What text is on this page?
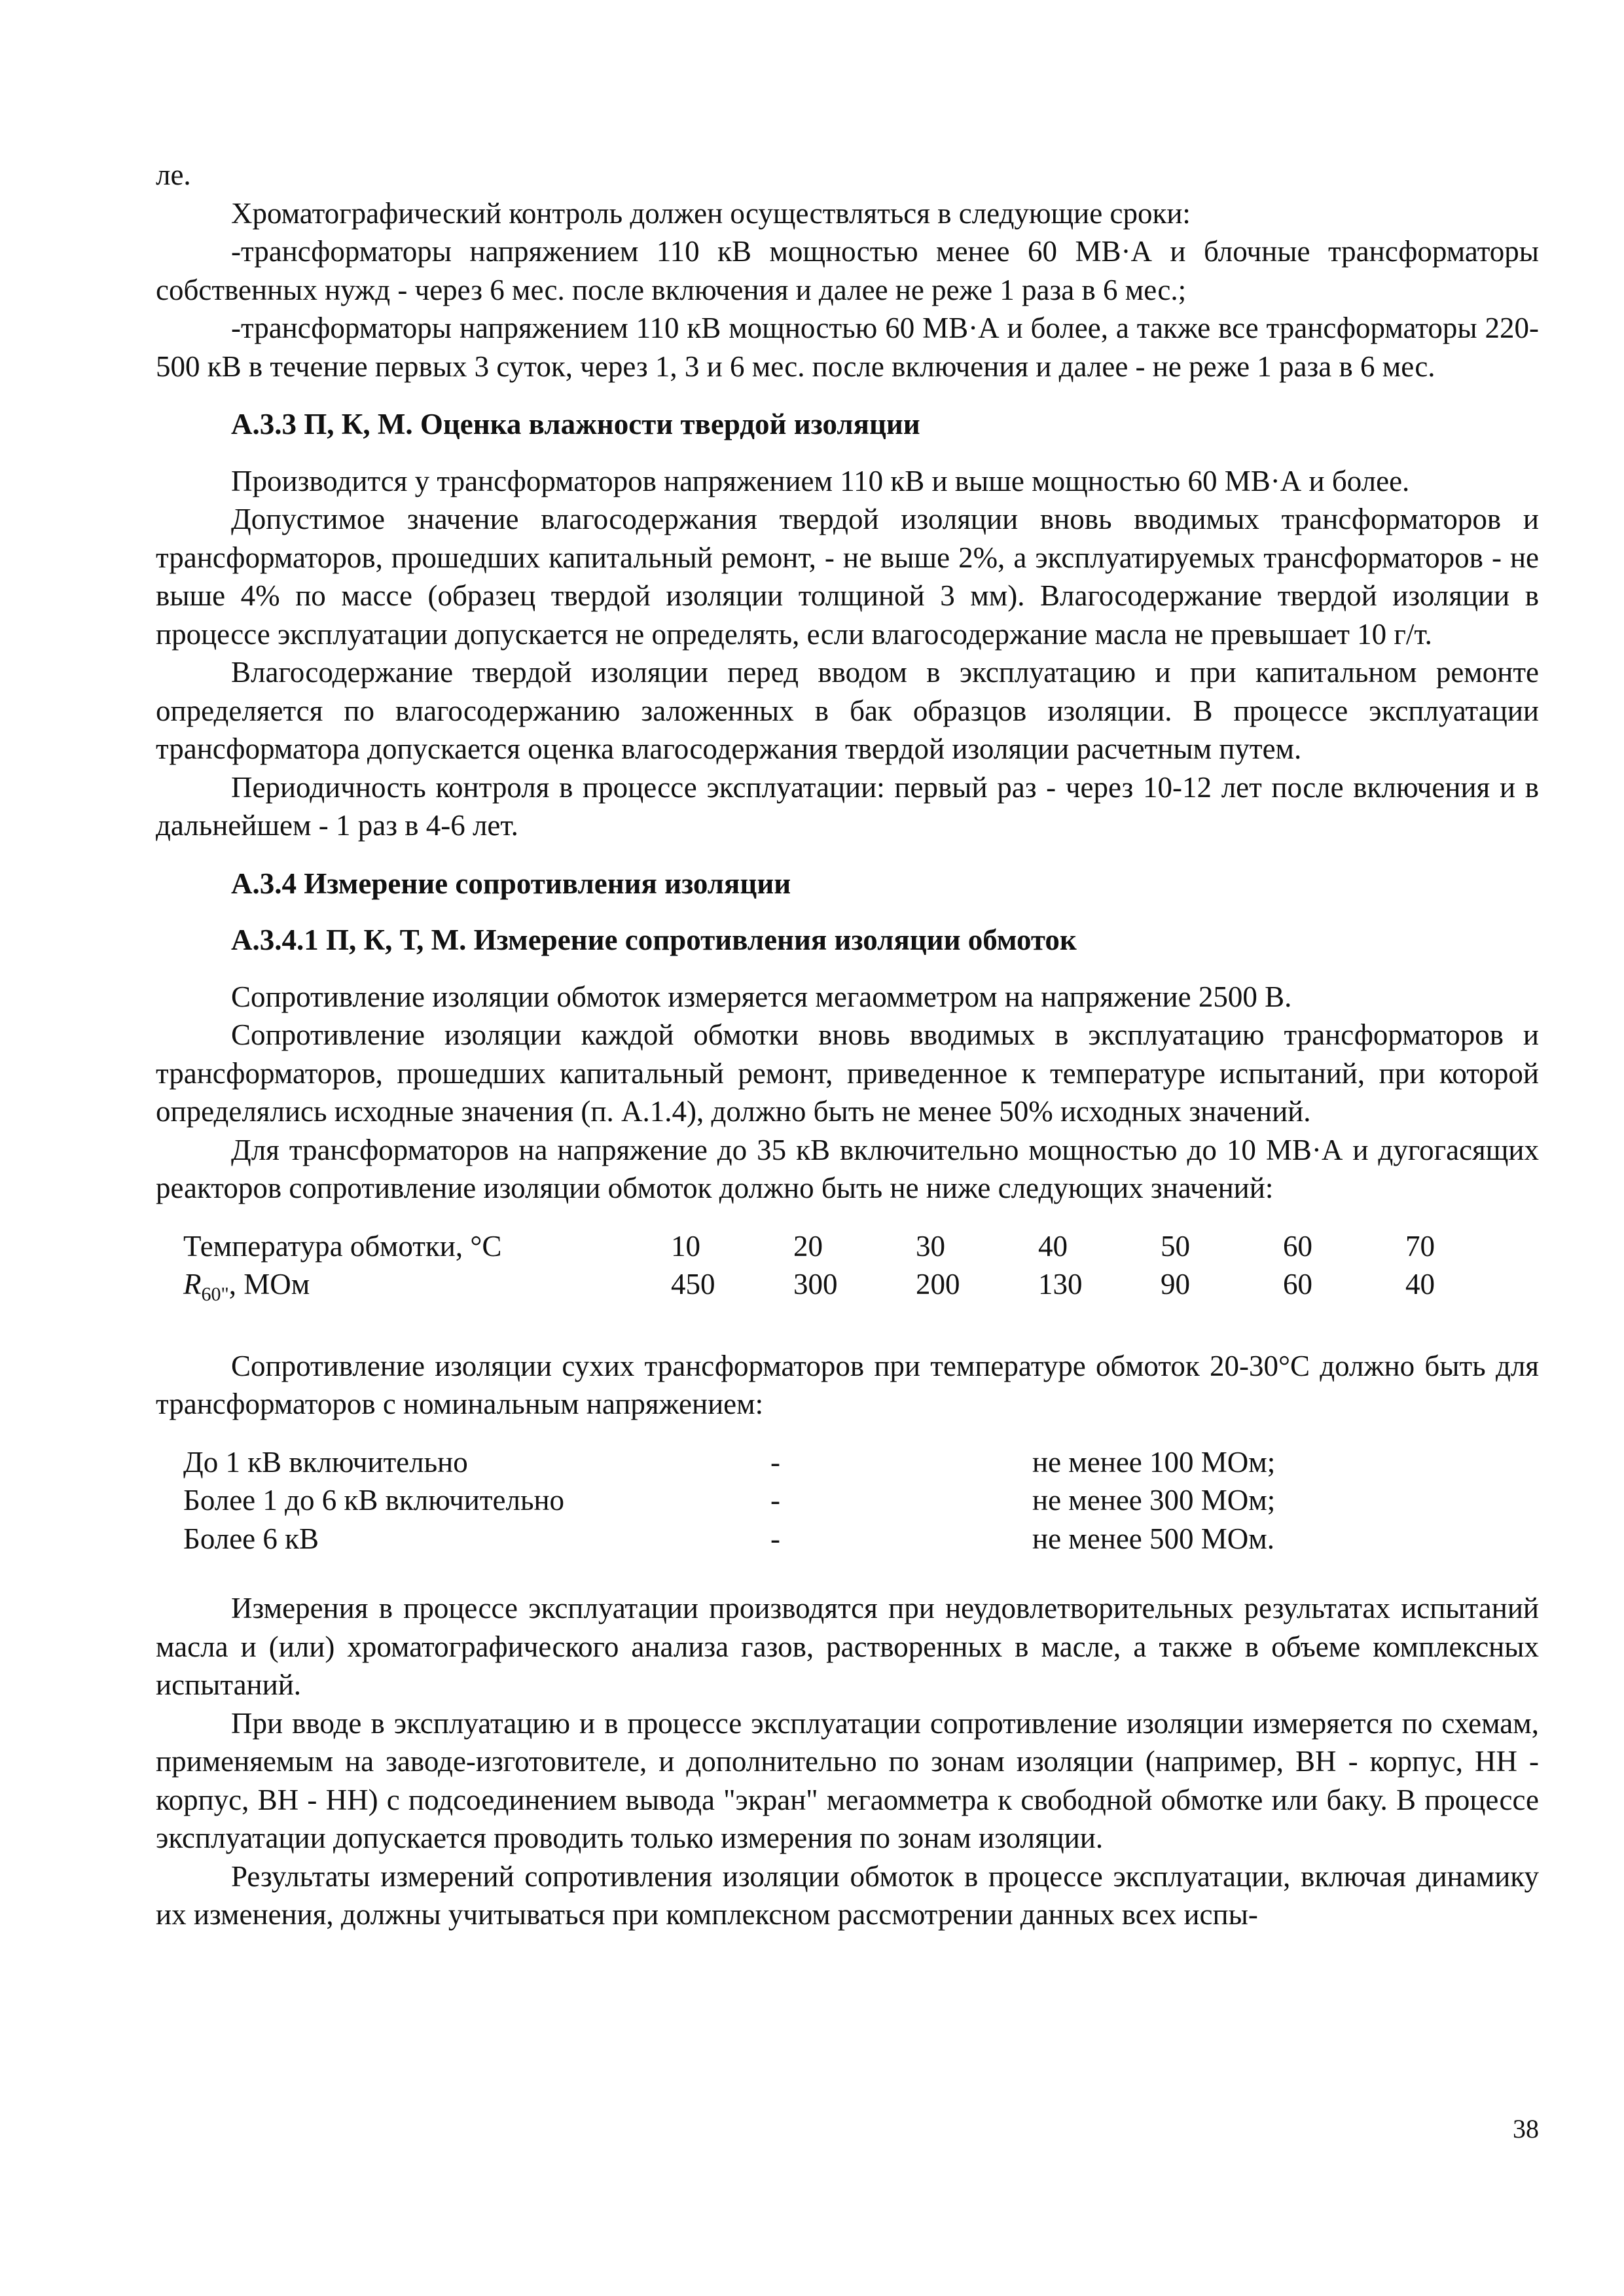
ле.

Хроматографический контроль должен осуществляться в следующие сроки:

-трансформаторы напряжением 110 кВ мощностью менее 60 МВ·А и блочные трансформаторы собственных нужд - через 6 мес. после включения и далее не реже 1 раза в 6 мес.;

-трансформаторы напряжением 110 кВ мощностью 60 МВ·А и более, а также все трансформаторы 220-500 кВ в течение первых 3 суток, через 1, 3 и 6 мес. после включения и далее - не реже 1 раза в 6 мес.

А.3.3 П, К, М. Оценка влажности твердой изоляции

Производится у трансформаторов напряжением 110 кВ и выше мощностью 60 МВ·А и более.

Допустимое значение влагосодержания твердой изоляции вновь вводимых трансформаторов и трансформаторов, прошедших капитальный ремонт, - не выше 2%, а эксплуатируемых трансформаторов - не выше 4% по массе (образец твердой изоляции толщиной 3 мм). Влагосодержание твердой изоляции в процессе эксплуатации допускается не определять, если влагосодержание масла не превышает 10 г/т.

Влагосодержание твердой изоляции перед вводом в эксплуатацию и при капитальном ремонте определяется по влагосодержанию заложенных в бак образцов изоляции. В процессе эксплуатации трансформатора допускается оценка влагосодержания твердой изоляции расчетным путем.

Периодичность контроля в процессе эксплуатации: первый раз - через 10-12 лет после включения и в дальнейшем - 1 раз в 4-6 лет.

А.3.4 Измерение сопротивления изоляции

А.3.4.1 П, К, Т, М. Измерение сопротивления изоляции обмоток

Сопротивление изоляции обмоток измеряется мегаомметром на напряжение 2500 В.

Сопротивление изоляции каждой обмотки вновь вводимых в эксплуатацию трансформаторов и трансформаторов, прошедших капитальный ремонт, приведенное к температуре испытаний, при которой определялись исходные значения (п. А.1.4), должно быть не менее 50% исходных значений.

Для трансформаторов на напряжение до 35 кВ включительно мощностью до 10 МВ·А и дугогасящих реакторов сопротивление изоляции обмоток должно быть не ниже следующих значений:

Температура обмотки, °С	10	20	30	40	50	60	70
$R_{60"}$, МОм	450	300	200	130	90	60	40

Сопротивление изоляции сухих трансформаторов при температуре обмоток 20-30°С должно быть для трансформаторов с номинальным напряжением:

До 1 кВ включительно	-	не менее 100 МОм;
Более 1 до 6 кВ включительно	-	не менее 300 МОм;
Более 6 кВ	-	не менее 500 МОм.

Измерения в процессе эксплуатации производятся при неудовлетворительных результатах испытаний масла и (или) хроматографического анализа газов, растворенных в масле, а также в объеме комплексных испытаний.

При вводе в эксплуатацию и в процессе эксплуатации сопротивление изоляции измеряется по схемам, применяемым на заводе-изготовителе, и дополнительно по зонам изоляции (например, ВН - корпус, НН - корпус, ВН - НН) с подсоединением вывода "экран" мегаомметра к свободной обмотке или баку. В процессе эксплуатации допускается проводить только измерения по зонам изоляции.

Результаты измерений сопротивления изоляции обмоток в процессе эксплуатации, включая динамику их изменения, должны учитываться при комплексном рассмотрении данных всех испы-

38
